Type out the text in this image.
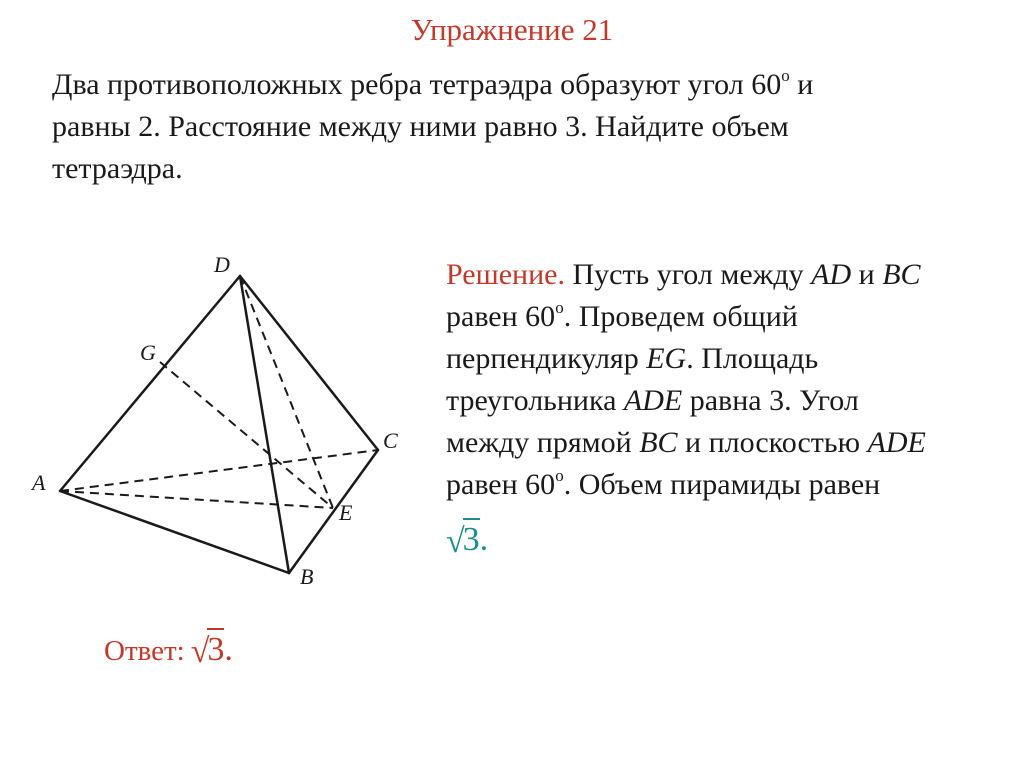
Упражнение 21
Два противоположных ребра тетраэдра образуют угол $60^о$ и
равны 2. Расстояние между ними равно 3. Найдите объем
тетраэдра.
D
G
A
C
E
B
Решение. Пусть угол между AD и BC
равен $60^о$. Проведем общий
перпендикуляр EG. Площадь
треугольника ADE равна 3. Угол
между прямой BC и плоскостью ADE
равен $60^о$. Объем пирамиды равен
√3.
Ответ: √3.
